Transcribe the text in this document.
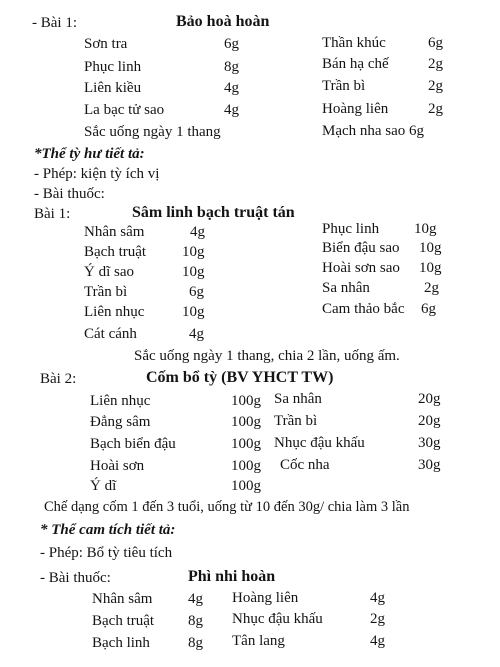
- Bài 1:	Bảo hoà hoàn
Sơn tra	6g
Phục linh	8g
Liên kiều	4g
La bạc tử sao	4g
Thần khúc	6g
Bán hạ chế	2g
Trần bì	2g
Hoàng liên	2g
Sắc uống ngày 1 thang	Mạch nha sao 6g
*Thể tỳ hư tiết tả:
- Phép: kiện tỳ ích vị
- Bài thuốc:
Bài 1:	Sâm linh bạch truật tán
Nhân sâm	4g
Bạch truật 10g
Ý dĩ sao	10g
Trần bì	6g
Liên nhục	10g
Cát cánh	4g
Phục linh 10g
Biển đậu sao 10g
Hoài sơn sao 10g
Sa nhân	2g
Cam thảo bắc 6g
Sắc uống ngày 1 thang, chia 2 lần, uống ấm.
Bài 2:	Cốm bổ tỳ (BV YHCT TW)
Liên nhục	100g
Đẳng sâm	100g
Bạch biển đậu	100g
Hoài sơn	100g
Ý dĩ	100g
Sa nhân	20g
Trần bì	20g
Nhục đậu khấu	30g
Cốc nha	30g
Chế dạng cốm 1 đến 3 tuổi, uống từ 10 đến 30g/ chia làm 3 lần
* Thể cam tích tiết tả:
- Phép: Bổ tỳ tiêu tích
- Bài thuốc:	Phì nhi hoàn
Nhân sâm 4g
Bạch truật 8g
Bạch linh	8g
Hoàng liên	4g
Nhục đậu khấu	2g
Tân lang	4g
